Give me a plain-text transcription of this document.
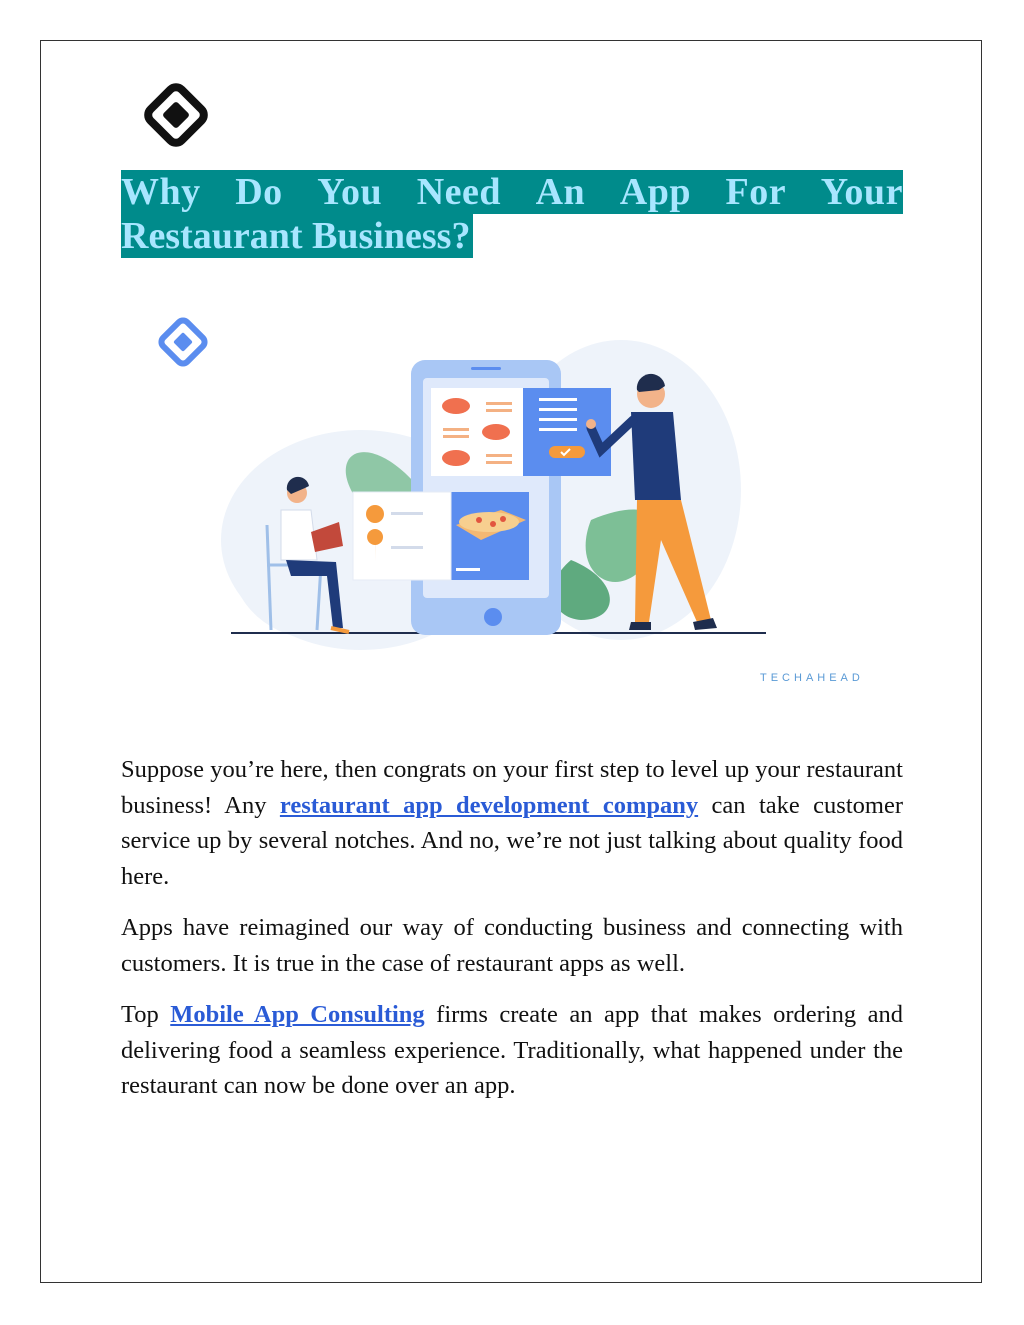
Why Do You Need An App For Your
Restaurant Business?
TECHAHEAD

Suppose you’re here, then congrats on your first step to level up your restaurant business! Any restaurant app development company can take customer service up by several notches. And no, we’re not just talking about quality food here.

Apps have reimagined our way of conducting business and connecting with customers. It is true in the case of restaurant apps as well.

Top Mobile App Consulting firms create an app that makes ordering and delivering food a seamless experience. Traditionally, what happened under the restaurant can now be done over an app.
